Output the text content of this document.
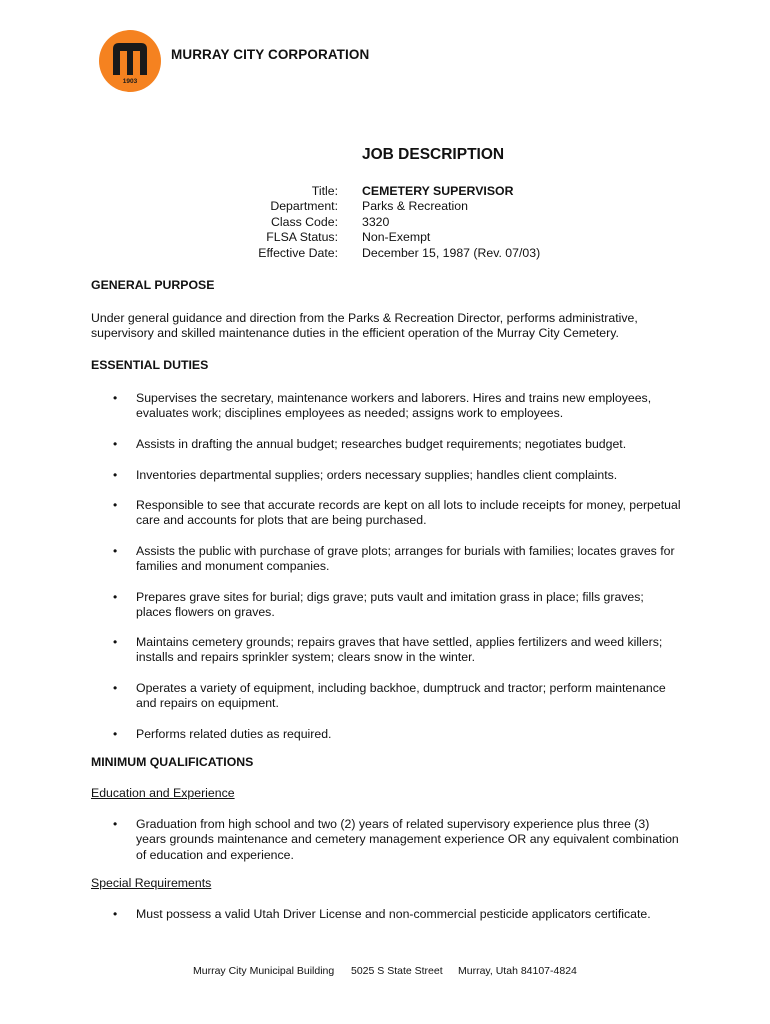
1903
MURRAY CITY CORPORATION
JOB DESCRIPTION
Title:
Department:
Class Code:
FLSA Status:
Effective Date:
CEMETERY SUPERVISOR
Parks & Recreation
3320
Non-Exempt
December 15, 1987 (Rev. 07/03)
GENERAL PURPOSE
Under general guidance and direction from the Parks & Recreation Director, performs administrative, supervisory and skilled maintenance duties in the efficient operation of the Murray City Cemetery.
ESSENTIAL DUTIES
• Supervises the secretary, maintenance workers and laborers. Hires and trains new employees, evaluates work; disciplines employees as needed; assigns work to employees.
• Assists in drafting the annual budget; researches budget requirements; negotiates budget.
• Inventories departmental supplies; orders necessary supplies; handles client complaints.
• Responsible to see that accurate records are kept on all lots to include receipts for money, perpetual care and accounts for plots that are being purchased.
• Assists the public with purchase of grave plots; arranges for burials with families; locates graves for families and monument companies.
• Prepares grave sites for burial; digs grave; puts vault and imitation grass in place; fills graves; places flowers on graves.
• Maintains cemetery grounds; repairs graves that have settled, applies fertilizers and weed killers; installs and repairs sprinkler system; clears snow in the winter.
• Operates a variety of equipment, including backhoe, dumptruck and tractor; perform maintenance and repairs on equipment.
• Performs related duties as required.
MINIMUM QUALIFICATIONS
Education and Experience
• Graduation from high school and two (2) years of related supervisory experience plus three (3) years grounds maintenance and cemetery management experience OR any equivalent combination of education and experience.
Special Requirements
• Must possess a valid Utah Driver License and non-commercial pesticide applicators certificate.
Murray City Municipal Building 5025 S State Street Murray, Utah 84107-4824
